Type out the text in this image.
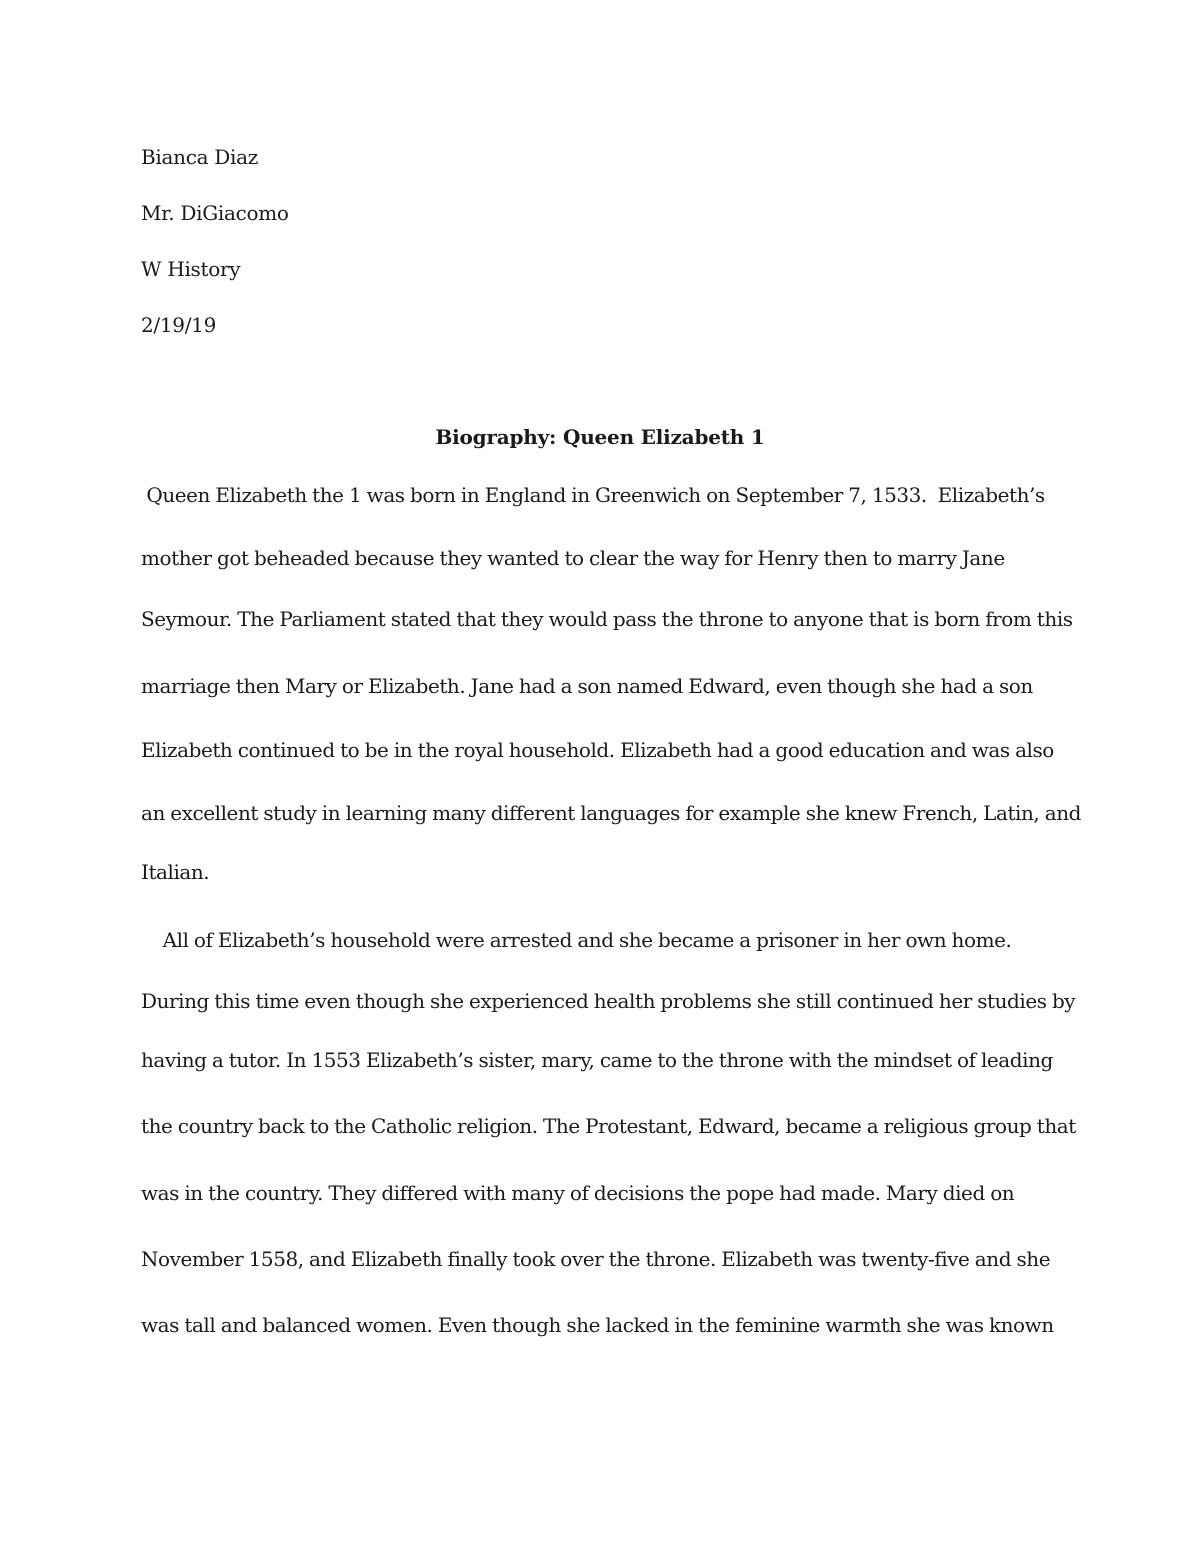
Bianca Diaz
Mr. DiGiacomo
W History
2/19/19
Biography: Queen Elizabeth 1
Queen Elizabeth the 1 was born in England in Greenwich on September 7, 1533.  Elizabeth’s
mother got beheaded because they wanted to clear the way for Henry then to marry Jane
Seymour. The Parliament stated that they would pass the throne to anyone that is born from this
marriage then Mary or Elizabeth. Jane had a son named Edward, even though she had a son
Elizabeth continued to be in the royal household. Elizabeth had a good education and was also
an excellent study in learning many different languages for example she knew French, Latin, and
Italian.
All of Elizabeth’s household were arrested and she became a prisoner in her own home.
During this time even though she experienced health problems she still continued her studies by
having a tutor. In 1553 Elizabeth’s sister, mary, came to the throne with the mindset of leading
the country back to the Catholic religion. The Protestant, Edward, became a religious group that
was in the country. They differed with many of decisions the pope had made. Mary died on
November 1558, and Elizabeth finally took over the throne. Elizabeth was twenty-five and she
was tall and balanced women. Even though she lacked in the feminine warmth she was known
